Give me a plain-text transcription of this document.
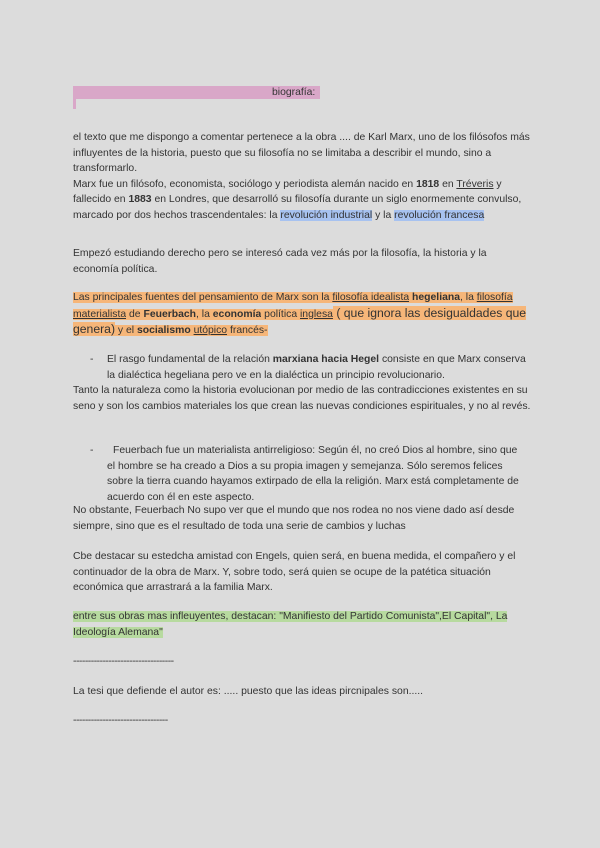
biografía:
el texto que me dispongo a comentar pertenece a la obra .... de Karl Marx, uno de los filósofos más influyentes de la historia, puesto que su filosofía no se limitaba a describir el mundo, sino a transformarlo.
Marx fue un filósofo, economista, sociólogo y periodista alemán nacido en 1818 en Tréveris y fallecido en 1883 en Londres, que desarrolló su filosofía durante un siglo enormemente convulso, marcado por dos hechos trascendentales: la revolución industrial y la revolución francesa
Empezó estudiando derecho pero se interesó cada vez más por la filosofía, la historia y la economía política.
Las principales fuentes del pensamiento de Marx son la filosofía idealista hegeliana, la filosofía materialista de Feuerbach, la economía política inglesa ( que ignora las desigualdades que genera) y el socialismo utópico francés-
-	El rasgo fundamental de la relación marxiana hacia Hegel consiste en que Marx conserva la dialéctica hegeliana pero ve en la dialéctica un principio revolucionario.
Tanto la naturaleza como la historia evolucionan por medio de las contradicciones existentes en su seno y son los cambios materiales los que crean las nuevas condiciones espirituales, y no al revés.
-	Feuerbach fue un materialista antirreligioso: Según él, no creó Dios al hombre, sino que el hombre se ha creado a Dios a su propia imagen y semejanza. Sólo seremos felices sobre la tierra cuando hayamos extirpado de ella la religión. Marx está completamente de acuerdo con él en este aspecto.
No obstante, Feuerbach No supo ver que el mundo que nos rodea no nos viene dado así desde siempre, sino que es el resultado de toda una serie de cambios y luchas
Cbe destacar su estedcha amistad con Engels, quien será, en buena medida, el compañero y el continuador de la obra de Marx. Y, sobre todo, será quien se ocupe de la patética situación económica que arrastrará a la familia Marx.
entre sus obras mas infleuyentes, destacan: "Manifiesto del Partido Comunista",El Capital", La Ideología Alemana"
----------------------------------
La tesi que defiende el autor es: ..... puesto que las ideas pircnipales son.....
--------------------------------
